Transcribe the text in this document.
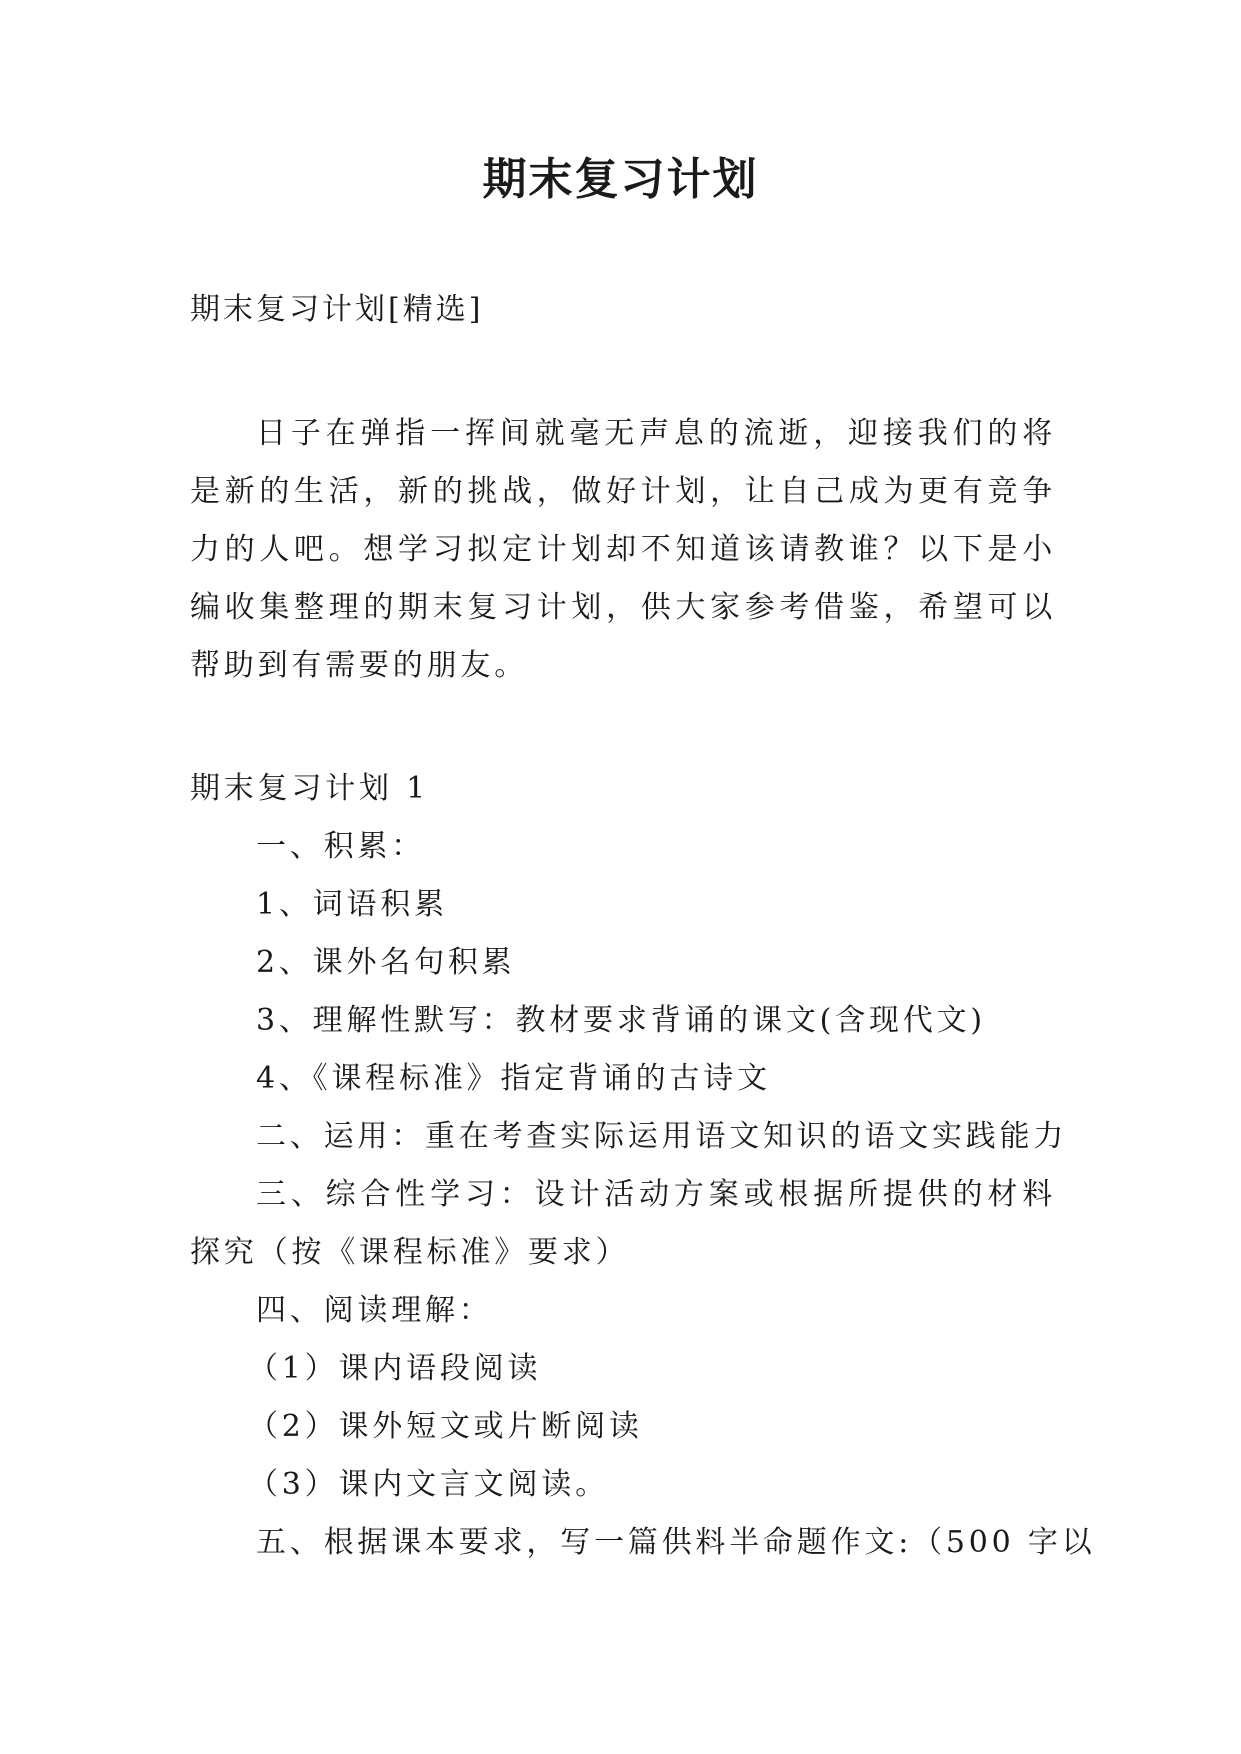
期末复习计划
期末复习计划[精选]

日子在弹指一挥间就毫无声息的流逝，迎接我们的将是新的生活，新的挑战，做好计划，让自己成为更有竞争力的人吧。想学习拟定计划却不知道该请教谁？以下是小编收集整理的期末复习计划，供大家参考借鉴，希望可以帮助到有需要的朋友。

期末复习计划 1
一、积累：
1、词语积累
2、课外名句积累
3、理解性默写：教材要求背诵的课文(含现代文)
4、《课程标准》指定背诵的古诗文
二、运用：重在考查实际运用语文知识的语文实践能力
三、综合性学习：设计活动方案或根据所提供的材料探究（按《课程标准》要求）
四、阅读理解：
（1）课内语段阅读
（2）课外短文或片断阅读
（3）课内文言文阅读。
五、根据课本要求，写一篇供料半命题作文:（500 字以
